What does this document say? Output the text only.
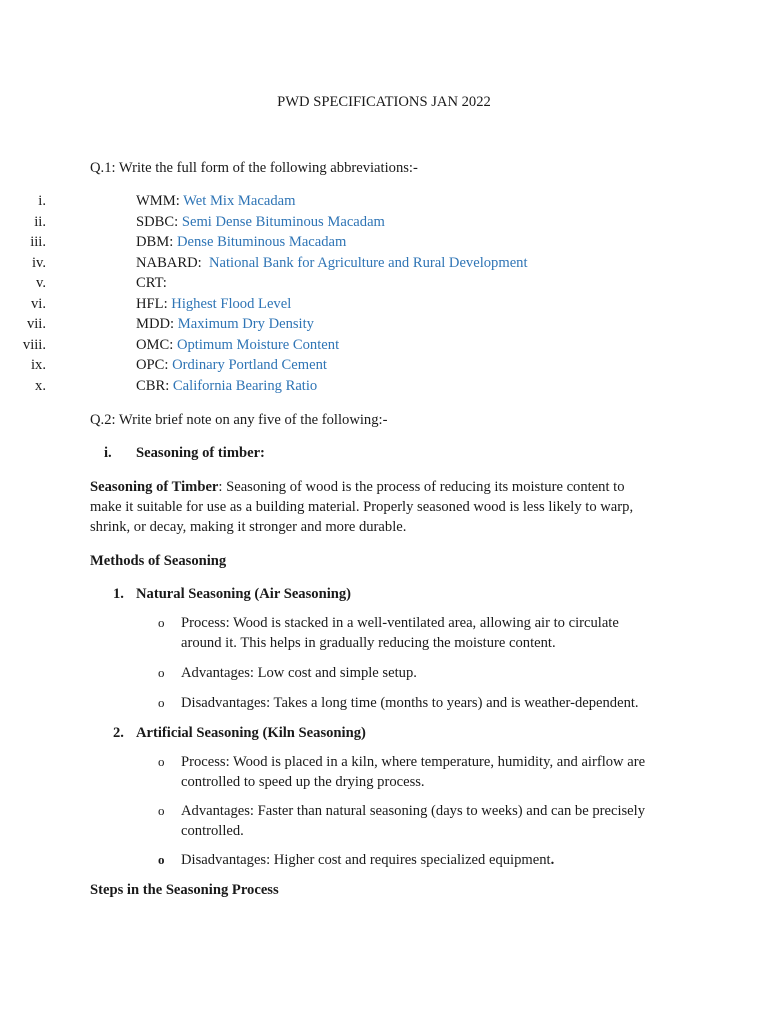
PWD SPECIFICATIONS JAN 2022
Q.1: Write the full form of the following abbreviations:-
i.	WMM: Wet Mix Macadam
ii.	SDBC: Semi Dense Bituminous Macadam
iii.	DBM: Dense Bituminous Macadam
iv.	NABARD: National Bank for Agriculture and Rural Development
v.	CRT:
vi.	HFL: Highest Flood Level
vii.	MDD: Maximum Dry Density
viii.	OMC: Optimum Moisture Content
ix.	OPC: Ordinary Portland Cement
x.	CBR: California Bearing Ratio
Q.2: Write brief note on any five of the following:-
i. Seasoning of timber:
Seasoning of Timber: Seasoning of wood is the process of reducing its moisture content to
make it suitable for use as a building material. Properly seasoned wood is less likely to warp,
shrink, or decay, making it stronger and more durable.
Methods of Seasoning
1. Natural Seasoning (Air Seasoning)
o Process: Wood is stacked in a well-ventilated area, allowing air to circulate
around it. This helps in gradually reducing the moisture content.
o Advantages: Low cost and simple setup.
o Disadvantages: Takes a long time (months to years) and is weather-dependent.
2. Artificial Seasoning (Kiln Seasoning)
o Process: Wood is placed in a kiln, where temperature, humidity, and airflow are
controlled to speed up the drying process.
o Advantages: Faster than natural seasoning (days to weeks) and can be precisely
controlled.
o Disadvantages: Higher cost and requires specialized equipment.
Steps in the Seasoning Process
